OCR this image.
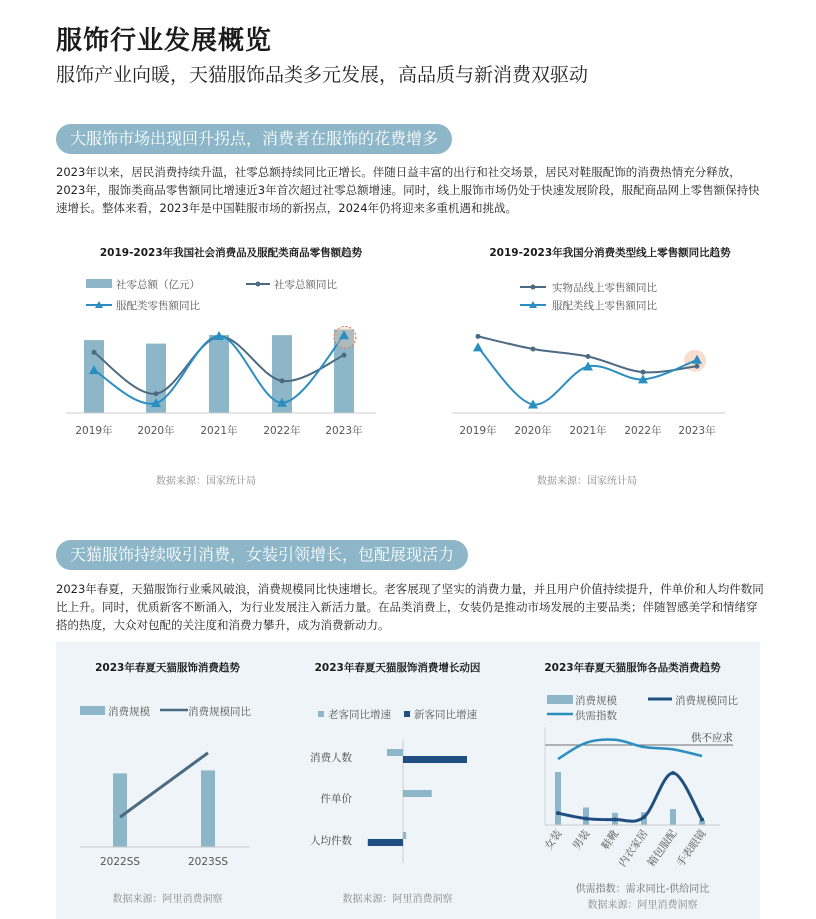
服饰行业发展概览
服饰产业向暖，天猫服饰品类多元发展，高品质与新消费双驱动
大服饰市场出现回升拐点，消费者在服饰的花费增多
2023年以来，居民消费持续升温，社零总额持续同比正增长。伴随日益丰富的出行和社交场景，居民对鞋服配饰的消费热情充分释放，2023年，服饰类商品零售额同比增速近3年首次超过社零总额增速。同时，线上服饰市场仍处于快速发展阶段，服配商品网上零售额保持快速增长。整体来看，2023年是中国鞋服市场的新拐点，2024年仍将迎来多重机遇和挑战。
2019-2023年我国社会消费品及服配类商品零售额趋势
社零总额（亿元）	社零总额同比
服配类零售额同比
2019年 2020年 2021年 2022年 2023年
数据来源：国家统计局
2019-2023年我国分消费类型线上零售额同比趋势
实物品线上零售额同比
服配类线上零售额同比
2019年 2020年 2021年 2022年 2023年
数据来源：国家统计局
天猫服饰持续吸引消费，女装引领增长，包配展现活力
2023年春夏，天猫服饰行业乘风破浪，消费规模同比快速增长。老客展现了坚实的消费力量，并且用户价值持续提升，件单价和人均件数同比上升。同时，优质新客不断涌入，为行业发展注入新活力量。在品类消费上，女装仍是推动市场发展的主要品类；伴随智感美学和情绪穿搭的热度，大众对包配的关注度和消费力攀升，成为消费新动力。
2023年春夏天猫服饰消费趋势
消费规模	消费规模同比
2022SS	2023SS
数据来源：阿里消费洞察
2023年春夏天猫服饰消费增长动因
老客同比增速 新客同比增速
消费人数
件单价
人均件数
数据来源：阿里消费洞察
2023年春夏天猫服饰各品类消费趋势
消费规模	消费规模同比
供需指数
供不应求
女装 男装 鞋靴
内衣家居
箱包服配
手表眼镜
供需指数：需求同比-供给同比
数据来源：阿里消费洞察
